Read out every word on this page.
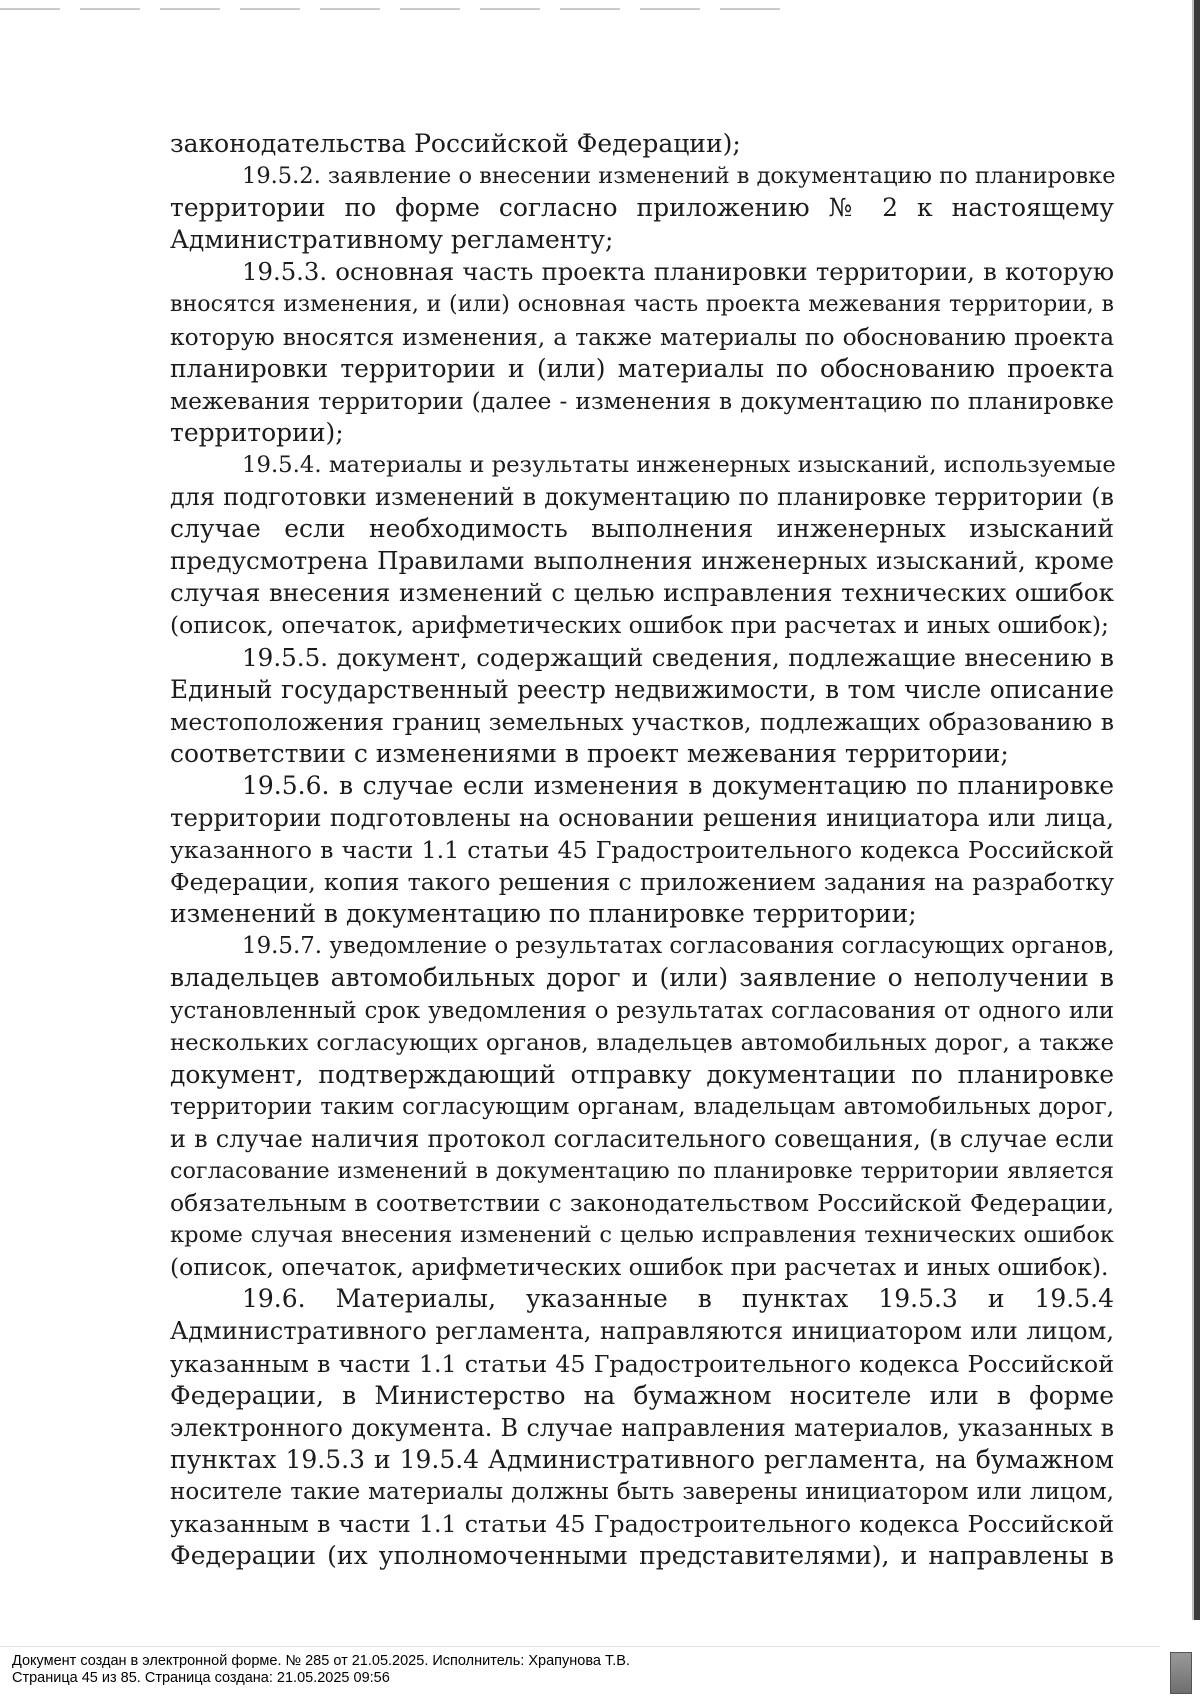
законодательства Российской Федерации);
19.5.2. заявление о внесении изменений в документацию по планировке
территории по форме согласно приложению № 2 к настоящему
Административному регламенту;
19.5.3. основная часть проекта планировки территории, в которую
вносятся изменения, и (или) основная часть проекта межевания территории, в
которую вносятся изменения, а также материалы по обоснованию проекта
планировки территории и (или) материалы по обоснованию проекта
межевания территории (далее - изменения в документацию по планировке
территории);
19.5.4. материалы и результаты инженерных изысканий, используемые
для подготовки изменений в документацию по планировке территории (в
случае если необходимость выполнения инженерных изысканий
предусмотрена Правилами выполнения инженерных изысканий, кроме
случая внесения изменений с целью исправления технических ошибок
(описок, опечаток, арифметических ошибок при расчетах и иных ошибок);
19.5.5. документ, содержащий сведения, подлежащие внесению в
Единый государственный реестр недвижимости, в том числе описание
местоположения границ земельных участков, подлежащих образованию в
соответствии с изменениями в проект межевания территории;
19.5.6. в случае если изменения в документацию по планировке
территории подготовлены на основании решения инициатора или лица,
указанного в части 1.1 статьи 45 Градостроительного кодекса Российской
Федерации, копия такого решения с приложением задания на разработку
изменений в документацию по планировке территории;
19.5.7. уведомление о результатах согласования согласующих органов,
владельцев автомобильных дорог и (или) заявление о неполучении в
установленный срок уведомления о результатах согласования от одного или
нескольких согласующих органов, владельцев автомобильных дорог, а также
документ, подтверждающий отправку документации по планировке
территории таким согласующим органам, владельцам автомобильных дорог,
и в случае наличия протокол согласительного совещания, (в случае если
согласование изменений в документацию по планировке территории является
обязательным в соответствии с законодательством Российской Федерации,
кроме случая внесения изменений с целью исправления технических ошибок
(описок, опечаток, арифметических ошибок при расчетах и иных ошибок).
19.6. Материалы, указанные в пунктах 19.5.3 и 19.5.4
Административного регламента, направляются инициатором или лицом,
указанным в части 1.1 статьи 45 Градостроительного кодекса Российской
Федерации, в Министерство на бумажном носителе или в форме
электронного документа. В случае направления материалов, указанных в
пунктах 19.5.3 и 19.5.4 Административного регламента, на бумажном
носителе такие материалы должны быть заверены инициатором или лицом,
указанным в части 1.1 статьи 45 Градостроительного кодекса Российской
Федерации (их уполномоченными представителями), и направлены в
Документ создан в электронной форме. № 285 от 21.05.2025. Исполнитель: Храпунова Т.В.
Страница 45 из 85. Страница создана: 21.05.2025 09:56
